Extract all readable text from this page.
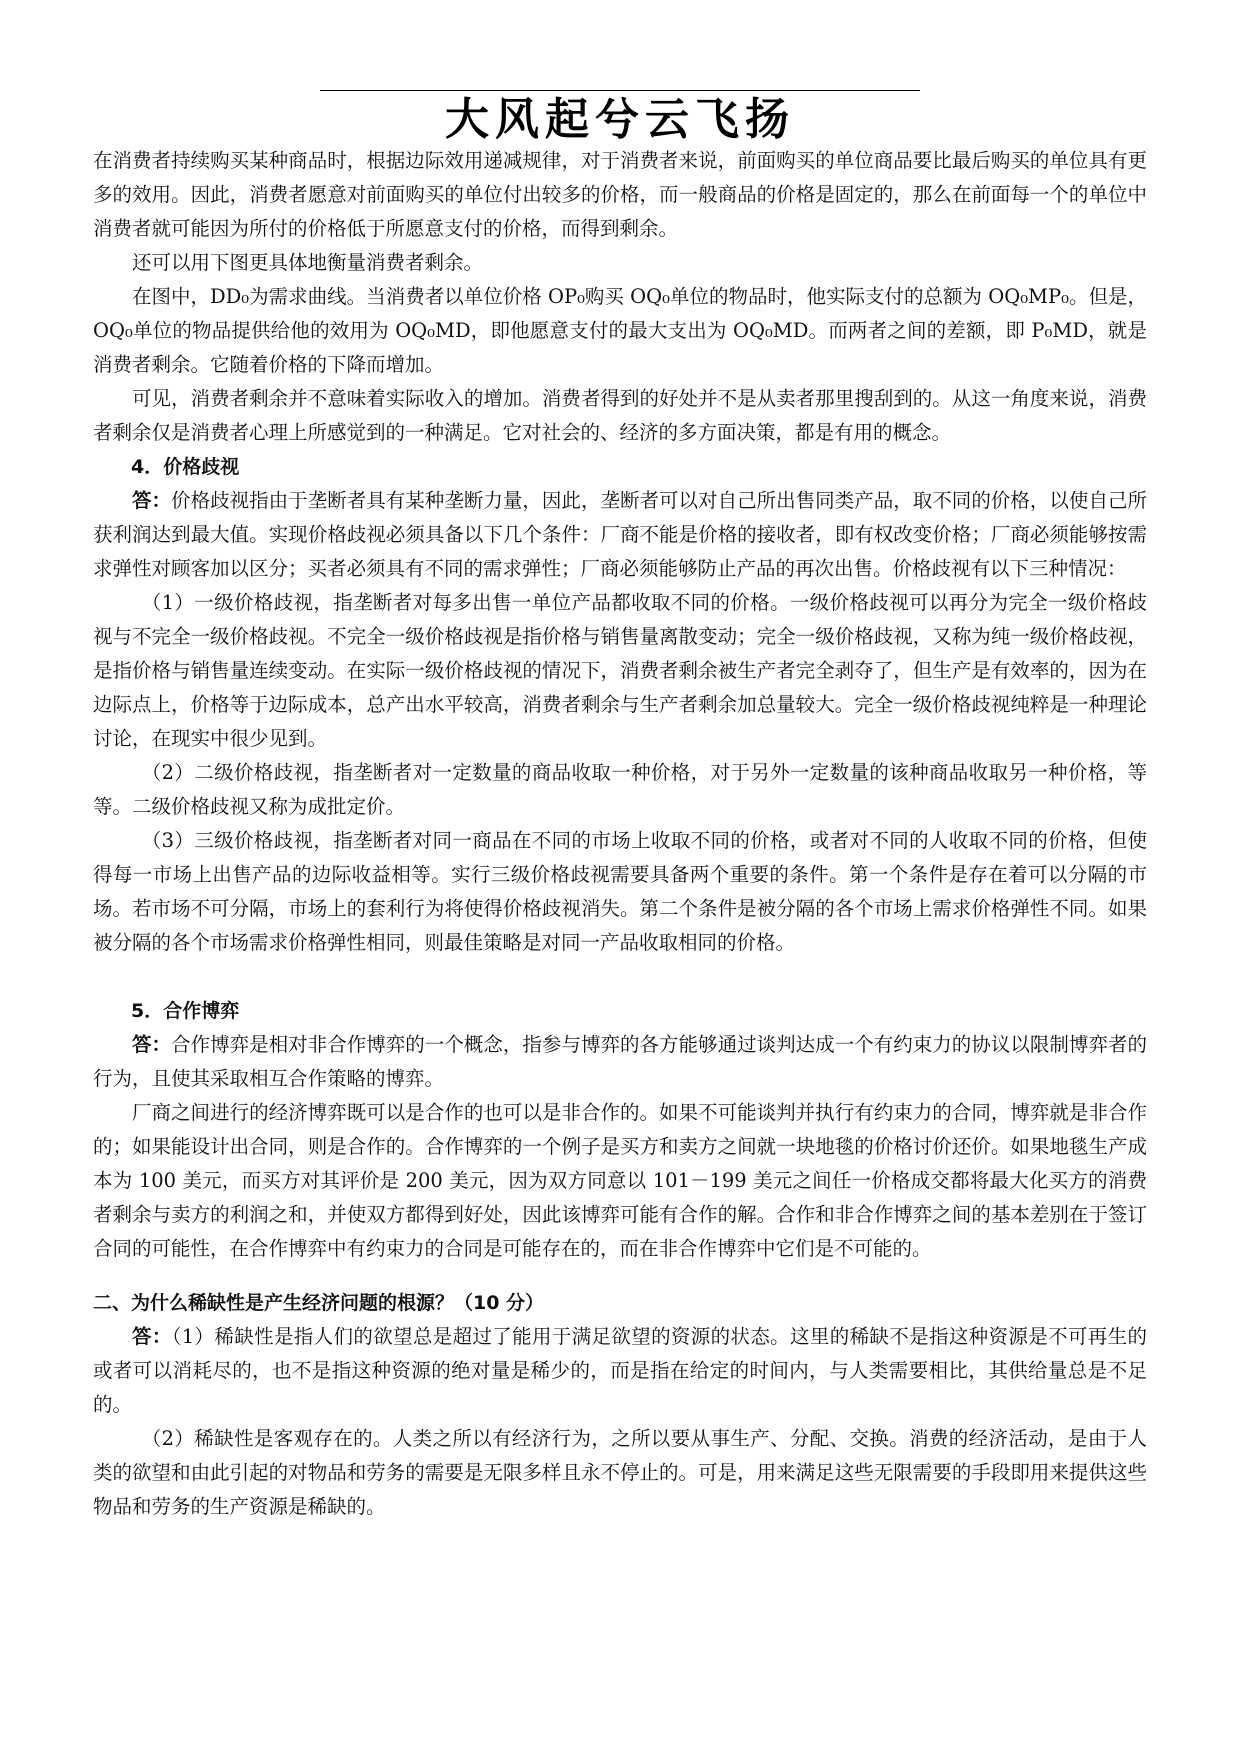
大风起兮云飞扬

在消费者持续购买某种商品时，根据边际效用递减规律，对于消费者来说，前面购买的单位商品要比最后购买的单位具有更多的效用。因此，消费者愿意对前面购买的单位付出较多的价格，而一般商品的价格是固定的，那么在前面每一个的单位中消费者就可能因为所付的价格低于所愿意支付的价格，而得到剩余。

还可以用下图更具体地衡量消费者剩余。

在图中，DD₀为需求曲线。当消费者以单位价格 OP₀购买 OQ₀单位的物品时，他实际支付的总额为 OQ₀MP₀。但是，OQ₀单位的物品提供给他的效用为 OQ₀MD，即他愿意支付的最大支出为 OQ₀MD。而两者之间的差额，即 P₀MD，就是消费者剩余。它随着价格的下降而增加。

可见，消费者剩余并不意味着实际收入的增加。消费者得到的好处并不是从卖者那里搜刮到的。从这一角度来说，消费者剩余仅是消费者心理上所感觉到的一种满足。它对社会的、经济的多方面决策，都是有用的概念。

4．价格歧视

答：价格歧视指由于垄断者具有某种垄断力量，因此，垄断者可以对自己所出售同类产品，取不同的价格，以使自己所获利润达到最大值。实现价格歧视必须具备以下几个条件：厂商不能是价格的接收者，即有权改变价格；厂商必须能够按需求弹性对顾客加以区分；买者必须具有不同的需求弹性；厂商必须能够防止产品的再次出售。价格歧视有以下三种情况：

（1）一级价格歧视，指垄断者对每多出售一单位产品都收取不同的价格。一级价格歧视可以再分为完全一级价格歧视与不完全一级价格歧视。不完全一级价格歧视是指价格与销售量离散变动；完全一级价格歧视，又称为纯一级价格歧视，是指价格与销售量连续变动。在实际一级价格歧视的情况下，消费者剩余被生产者完全剥夺了，但生产是有效率的，因为在边际点上，价格等于边际成本，总产出水平较高，消费者剩余与生产者剩余加总量较大。完全一级价格歧视纯粹是一种理论讨论，在现实中很少见到。

（2）二级价格歧视，指垄断者对一定数量的商品收取一种价格，对于另外一定数量的该种商品收取另一种价格，等等。二级价格歧视又称为成批定价。

（3）三级价格歧视，指垄断者对同一商品在不同的市场上收取不同的价格，或者对不同的人收取不同的价格，但使得每一市场上出售产品的边际收益相等。实行三级价格歧视需要具备两个重要的条件。第一个条件是存在着可以分隔的市场。若市场不可分隔，市场上的套利行为将使得价格歧视消失。第二个条件是被分隔的各个市场上需求价格弹性不同。如果被分隔的各个市场需求价格弹性相同，则最佳策略是对同一产品收取相同的价格。

5．合作博弈

答：合作博弈是相对非合作博弈的一个概念，指参与博弈的各方能够通过谈判达成一个有约束力的协议以限制博弈者的行为，且使其采取相互合作策略的博弈。

厂商之间进行的经济博弈既可以是合作的也可以是非合作的。如果不可能谈判并执行有约束力的合同，博弈就是非合作的；如果能设计出合同，则是合作的。合作博弈的一个例子是买方和卖方之间就一块地毯的价格讨价还价。如果地毯生产成本为 100 美元，而买方对其评价是 200 美元，因为双方同意以 101－199 美元之间任一价格成交都将最大化买方的消费者剩余与卖方的利润之和，并使双方都得到好处，因此该博弈可能有合作的解。合作和非合作博弈之间的基本差别在于签订合同的可能性，在合作博弈中有约束力的合同是可能存在的，而在非合作博弈中它们是不可能的。

二、为什么稀缺性是产生经济问题的根源？（10 分）

答：（1）稀缺性是指人们的欲望总是超过了能用于满足欲望的资源的状态。这里的稀缺不是指这种资源是不可再生的或者可以消耗尽的，也不是指这种资源的绝对量是稀少的，而是指在给定的时间内，与人类需要相比，其供给量总是不足的。

（2）稀缺性是客观存在的。人类之所以有经济行为，之所以要从事生产、分配、交换。消费的经济活动，是由于人类的欲望和由此引起的对物品和劳务的需要是无限多样且永不停止的。可是，用来满足这些无限需要的手段即用来提供这些物品和劳务的生产资源是稀缺的。
